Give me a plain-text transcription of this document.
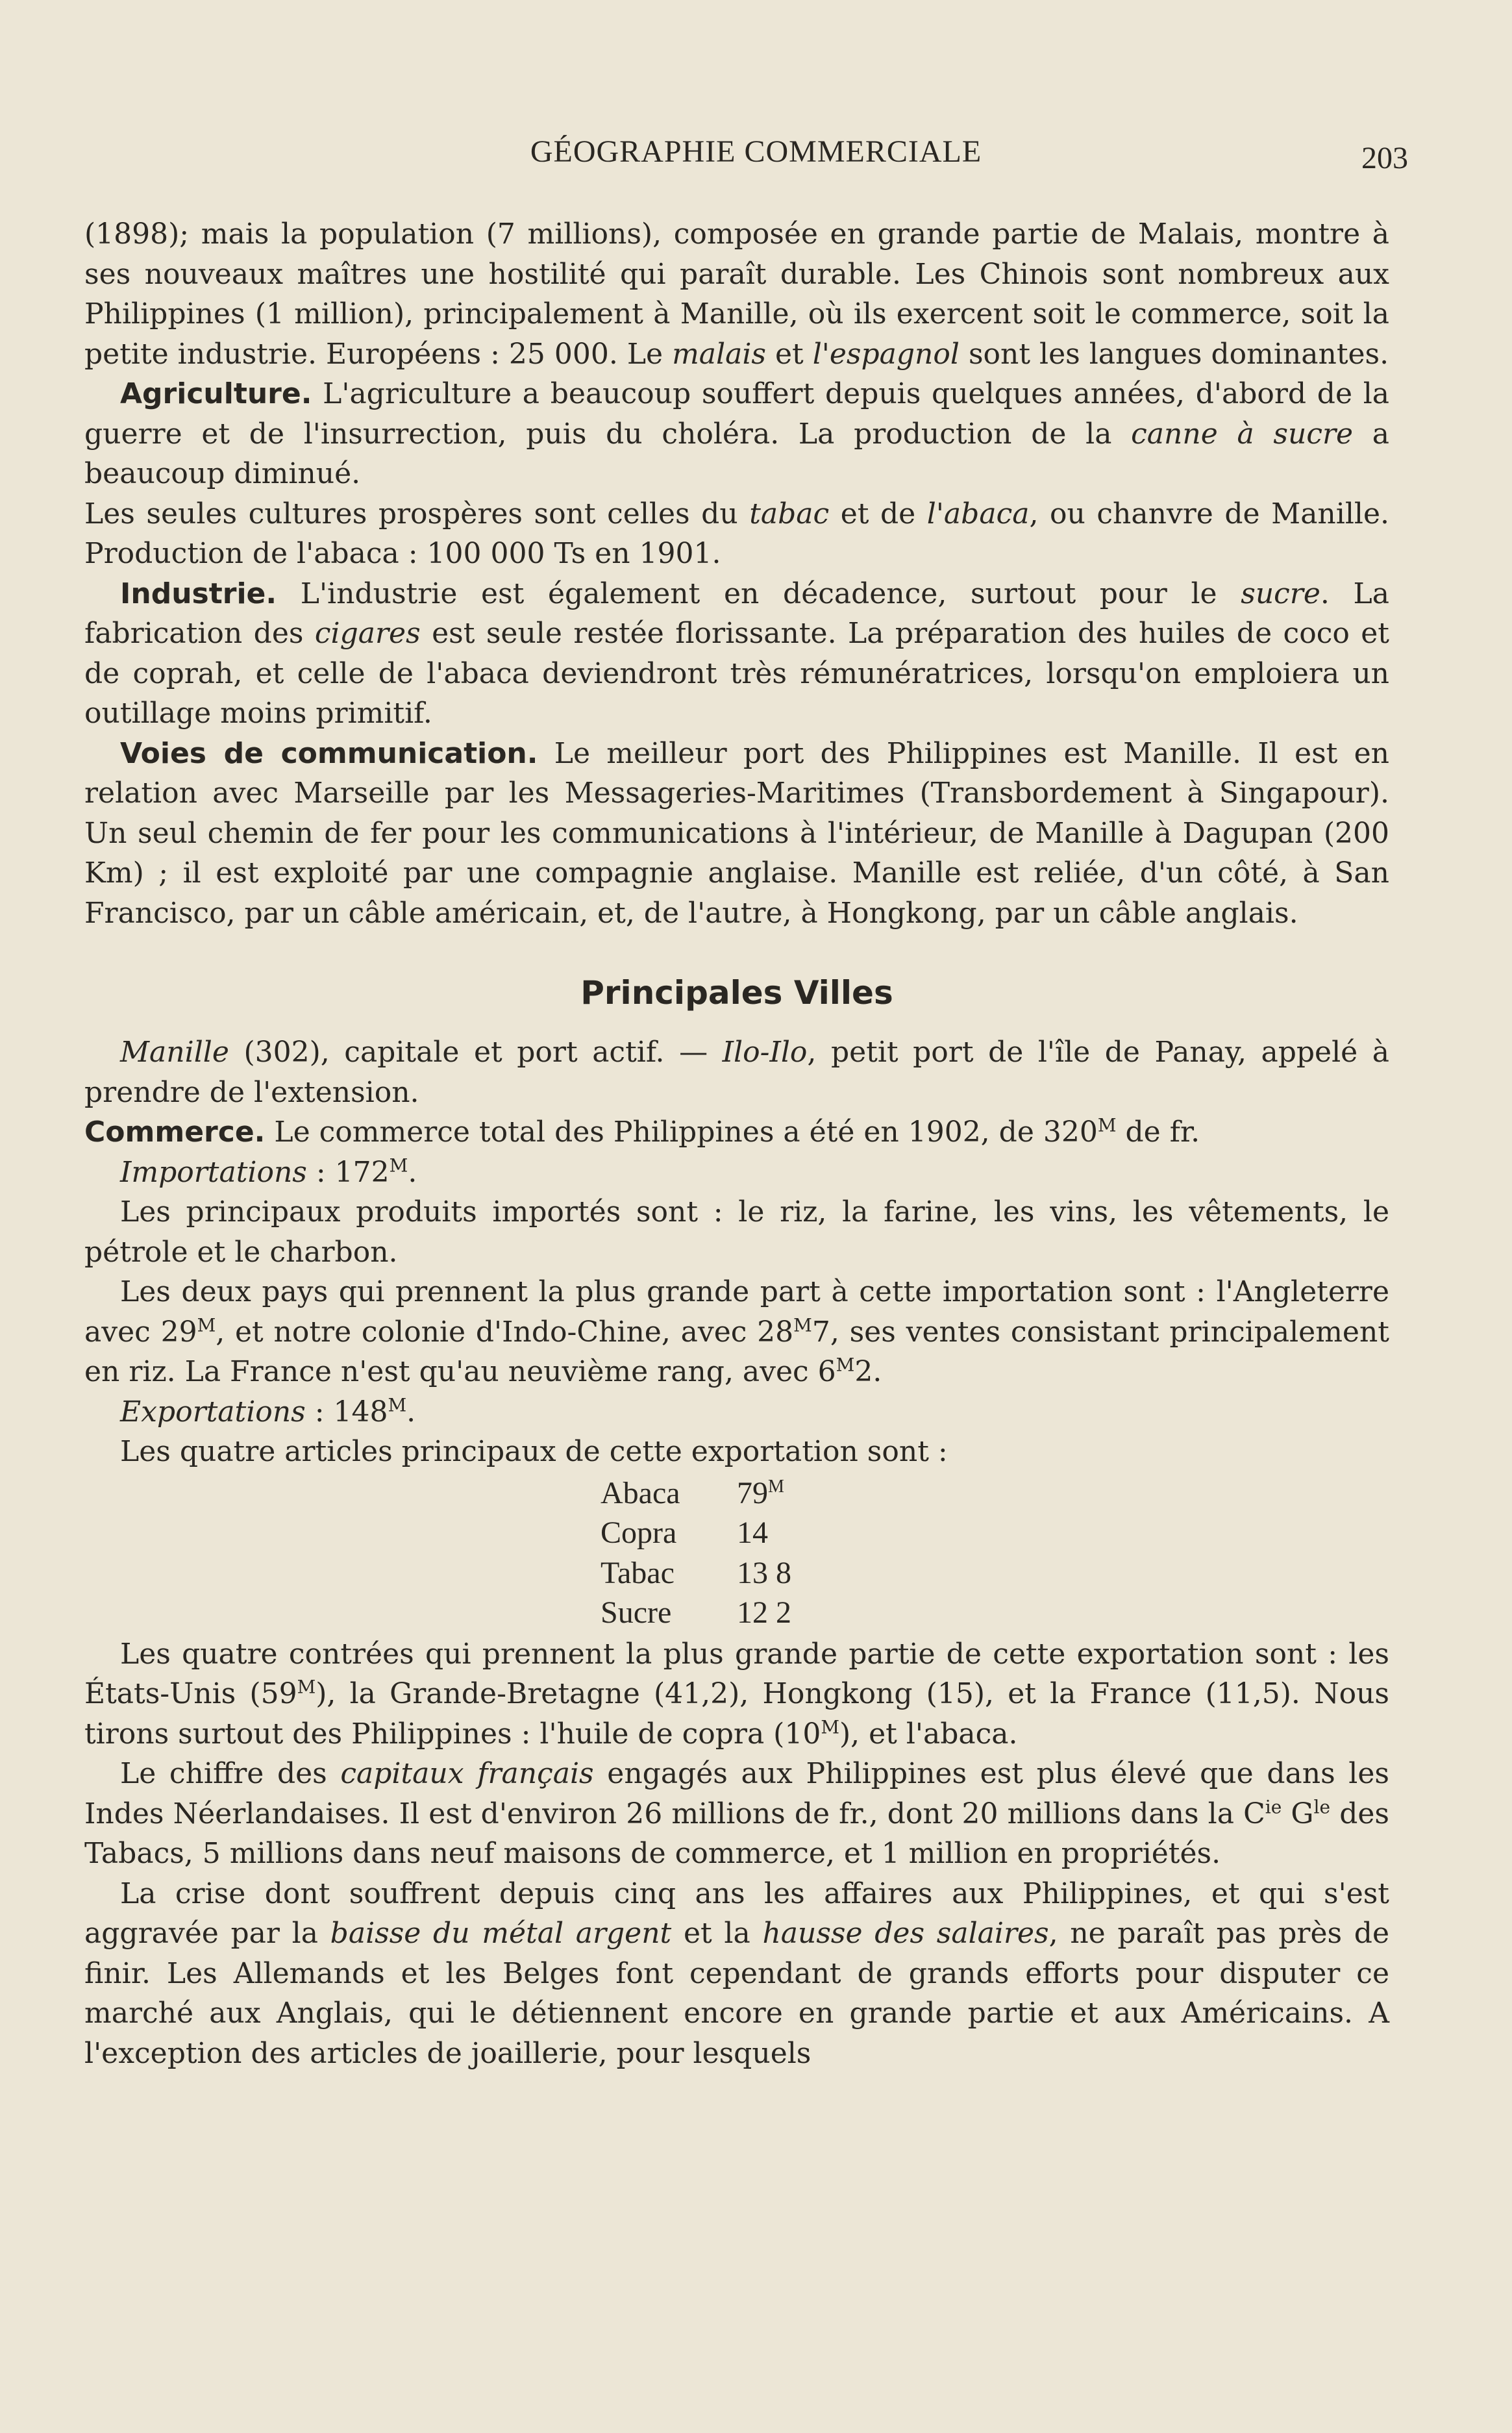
GÉOGRAPHIE COMMERCIALE	203

(1898); mais la population (7 millions), composée en grande partie de Malais, montre à ses nouveaux maîtres une hostilité qui paraît durable. Les Chinois sont nombreux aux Philippines (1 million), principalement à Manille, où ils exercent soit le commerce, soit la petite industrie. Européens : 25 000. Le malais et l'espagnol sont les langues dominantes.

Agriculture. L'agriculture a beaucoup souffert depuis quelques années, d'abord de la guerre et de l'insurrection, puis du choléra. La production de la canne à sucre a beaucoup diminué.

Les seules cultures prospères sont celles du tabac et de l'abaca, ou chanvre de Manille. Production de l'abaca : 100 000 Ts en 1901.

Industrie. L'industrie est également en décadence, surtout pour le sucre. La fabrication des cigares est seule restée florissante. La préparation des huiles de coco et de coprah, et celle de l'abaca deviendront très rémunératrices, lorsqu'on emploiera un outillage moins primitif.

Voies de communication. Le meilleur port des Philippines est Manille. Il est en relation avec Marseille par les Messageries-Maritimes (Transbordement à Singapour). Un seul chemin de fer pour les communications à l'intérieur, de Manille à Dagupan (200 Km) ; il est exploité par une compagnie anglaise. Manille est reliée, d'un côté, à San Francisco, par un câble américain, et, de l'autre, à Hongkong, par un câble anglais.

Principales Villes

Manille (302), capitale et port actif. — Ilo-Ilo, petit port de l'île de Panay, appelé à prendre de l'extension.

Commerce. Le commerce total des Philippines a été en 1902, de $320^M$ de fr.

Importations : $172^M$.

Les principaux produits importés sont : le riz, la farine, les vins, les vêtements, le pétrole et le charbon.

Les deux pays qui prennent la plus grande part à cette importation sont : l'Angleterre avec $29^M$, et notre colonie d'Indo-Chine, avec $28^M7$, ses ventes consistant principalement en riz. La France n'est qu'au neuvième rang, avec $6^M2$.

Exportations : $148^M$.

Les quatre articles principaux de cette exportation sont :

Abaca	$79^M$
Copra	14
Tabac	13 8
Sucre	12 2

Les quatre contrées qui prennent la plus grande partie de cette exportation sont : les États-Unis $(59^M)$, la Grande-Bretagne (41,2), Hongkong (15), et la France (11,5). Nous tirons surtout des Philippines : l'huile de copra $(10^M)$, et l'abaca.

Le chiffre des capitaux français engagés aux Philippines est plus élevé que dans les Indes Néerlandaises. Il est d'environ 26 millions de fr., dont 20 millions dans la $C^{ie}$ $G^{le}$ des Tabacs, 5 millions dans neuf maisons de commerce, et 1 million en propriétés.

La crise dont souffrent depuis cinq ans les affaires aux Philippines, et qui s'est aggravée par la baisse du métal argent et la hausse des salaires, ne paraît pas près de finir. Les Allemands et les Belges font cependant de grands efforts pour disputer ce marché aux Anglais, qui le détiennent encore en grande partie et aux Américains. A l'exception des articles de joaillerie, pour lesquels
